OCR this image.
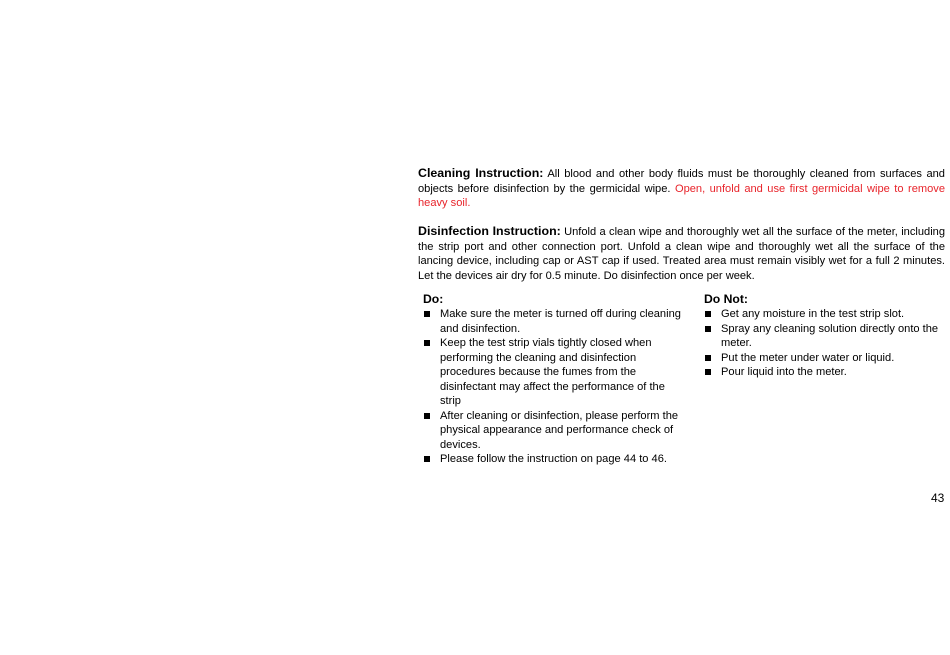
Cleaning Instruction: All blood and other body fluids must be thoroughly cleaned from surfaces and objects before disinfection by the germicidal wipe. Open, unfold and use first germicidal wipe to remove heavy soil.

Disinfection Instruction: Unfold a clean wipe and thoroughly wet all the surface of the meter, including the strip port and other connection port. Unfold a clean wipe and thoroughly wet all the surface of the lancing device, including cap or AST cap if used. Treated area must remain visibly wet for a full 2 minutes. Let the devices air dry for 0.5 minute. Do disinfection once per week.

Do:
Make sure the meter is turned off during cleaning and disinfection.
Keep the test strip vials tightly closed when performing the cleaning and disinfection procedures because the fumes from the disinfectant may affect the performance of the strip
After cleaning or disinfection, please perform the physical appearance and performance check of devices.
Please follow the instruction on page 44 to 46.
Do Not:
Get any moisture in the test strip slot.
Spray any cleaning solution directly onto the meter.
Put the meter under water or liquid.
Pour liquid into the meter.
43
